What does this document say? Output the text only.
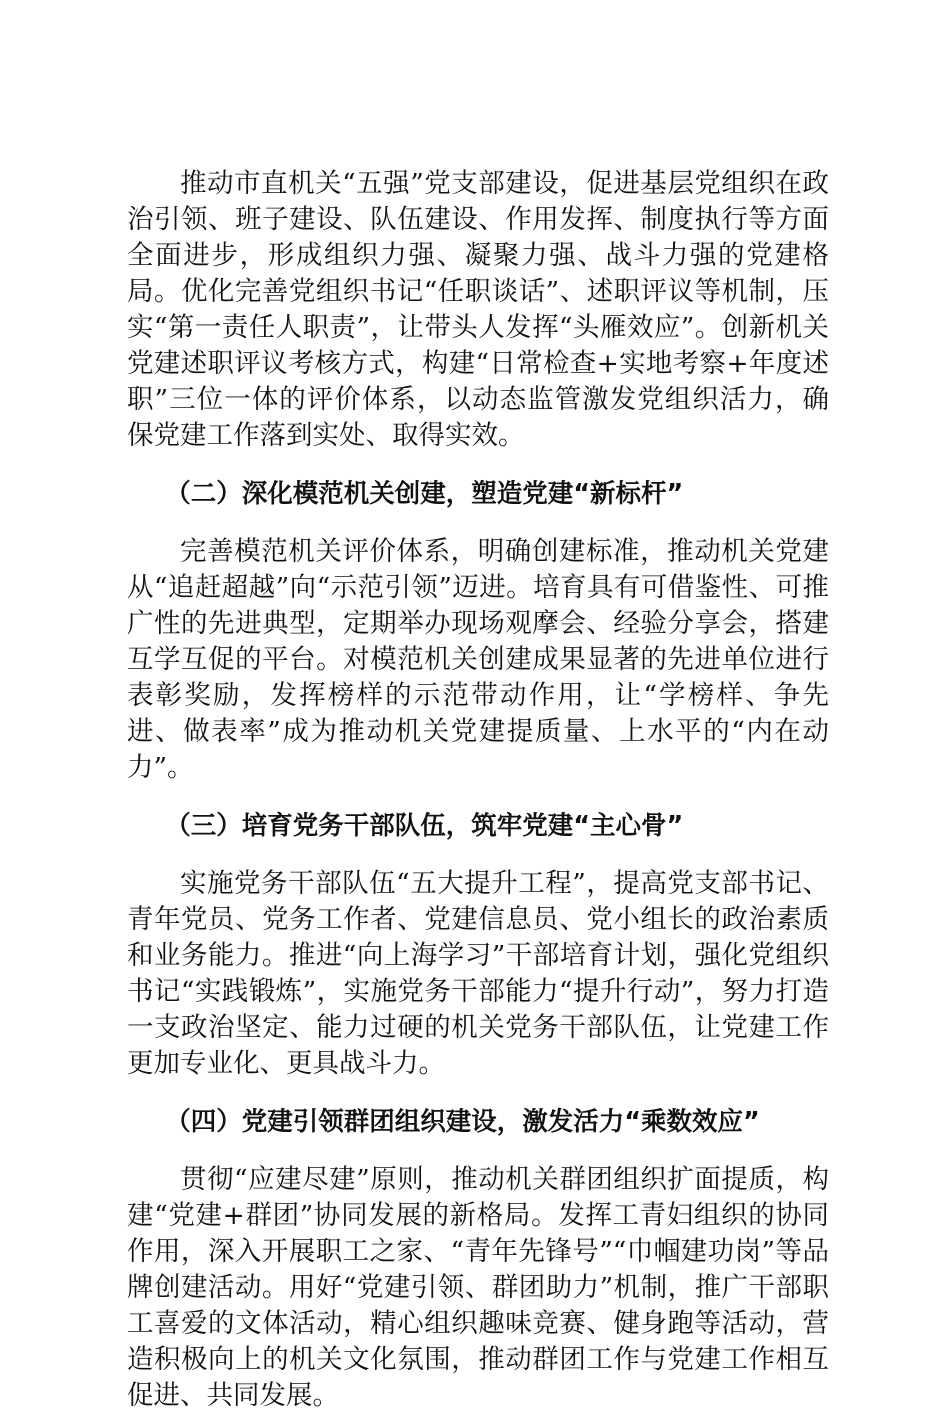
推动市直机关“五强”党支部建设，促进基层党组织在政治引领、班子建设、队伍建设、作用发挥、制度执行等方面全面进步，形成组织力强、凝聚力强、战斗力强的党建格局。优化完善党组织书记“任职谈话”、述职评议等机制，压实“第一责任人职责”，让带头人发挥“头雁效应”。创新机关党建述职评议考核方式，构建“日常检查+实地考察+年度述职”三位一体的评价体系，以动态监管激发党组织活力，确保党建工作落到实处、取得实效。

（二）深化模范机关创建，塑造党建“新标杆”

完善模范机关评价体系，明确创建标准，推动机关党建从“追赶超越”向“示范引领”迈进。培育具有可借鉴性、可推广性的先进典型，定期举办现场观摩会、经验分享会，搭建互学互促的平台。对模范机关创建成果显著的先进单位进行表彰奖励，发挥榜样的示范带动作用，让“学榜样、争先进、做表率”成为推动机关党建提质量、上水平的“内在动力”。

（三）培育党务干部队伍，筑牢党建“主心骨”

实施党务干部队伍“五大提升工程”，提高党支部书记、青年党员、党务工作者、党建信息员、党小组长的政治素质和业务能力。推进“向上海学习”干部培育计划，强化党组织书记“实践锻炼”，实施党务干部能力“提升行动”，努力打造一支政治坚定、能力过硬的机关党务干部队伍，让党建工作更加专业化、更具战斗力。

（四）党建引领群团组织建设，激发活力“乘数效应”

贯彻“应建尽建”原则，推动机关群团组织扩面提质，构建“党建+群团”协同发展的新格局。发挥工青妇组织的协同作用，深入开展职工之家、“青年先锋号”“巾帼建功岗”等品牌创建活动。用好“党建引领、群团助力”机制，推广干部职工喜爱的文体活动，精心组织趣味竞赛、健身跑等活动，营造积极向上的机关文化氛围，推动群团工作与党建工作相互促进、共同发展。
